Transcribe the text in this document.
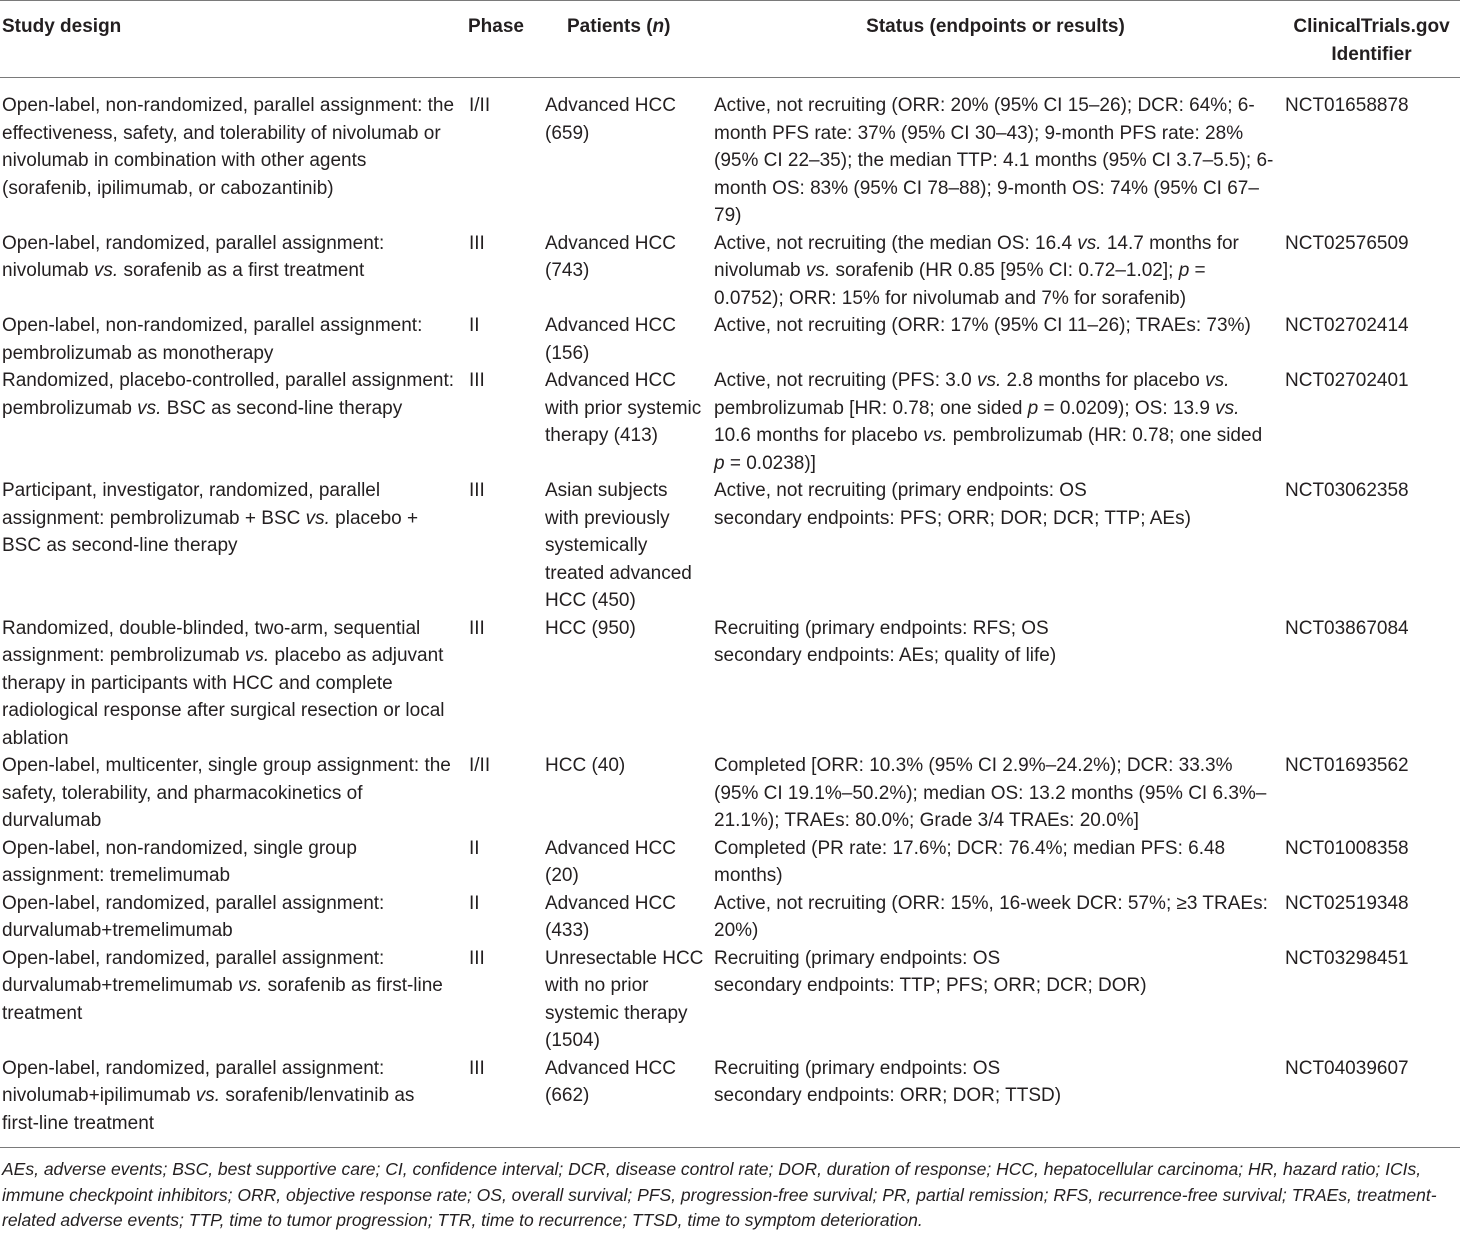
Study design	Phase	Patients (n)	Status (endpoints or results)	ClinicalTrials.gov
Identifier
Open-label, non-randomized, parallel assignment: the effectiveness, safety, and tolerability of nivolumab or nivolumab in combination with other agents (sorafenib, ipilimumab, or cabozantinib)	I/II	Advanced HCC (659)	Active, not recruiting (ORR: 20% (95% CI 15–26); DCR: 64%; 6-month PFS rate: 37% (95% CI 30–43); 9-month PFS rate: 28% (95% CI 22–35); the median TTP: 4.1 months (95% CI 3.7–5.5); 6-month OS: 83% (95% CI 78–88); 9-month OS: 74% (95% CI 67–79)	NCT01658878
Open-label, randomized, parallel assignment: nivolumab vs. sorafenib as a first treatment	III	Advanced HCC (743)	Active, not recruiting (the median OS: 16.4 vs. 14.7 months for nivolumab vs. sorafenib (HR 0.85 [95% CI: 0.72–1.02]; p = 0.0752); ORR: 15% for nivolumab and 7% for sorafenib)	NCT02576509
Open-label, non-randomized, parallel assignment: pembrolizumab as monotherapy	II	Advanced HCC (156)	Active, not recruiting (ORR: 17% (95% CI 11–26); TRAEs: 73%)	NCT02702414
Randomized, placebo-controlled, parallel assignment: pembrolizumab vs. BSC as second-line therapy	III	Advanced HCC with prior systemic therapy (413)	Active, not recruiting (PFS: 3.0 vs. 2.8 months for placebo vs. pembrolizumab [HR: 0.78; one sided p = 0.0209); OS: 13.9 vs. 10.6 months for placebo vs. pembrolizumab (HR: 0.78; one sided p = 0.0238)]	NCT02702401
Participant, investigator, randomized, parallel assignment: pembrolizumab + BSC vs. placebo + BSC as second-line therapy	III	Asian subjects with previously systemically treated advanced HCC (450)	Active, not recruiting (primary endpoints: OS
secondary endpoints: PFS; ORR; DOR; DCR; TTP; AEs)	NCT03062358
Randomized, double-blinded, two-arm, sequential assignment: pembrolizumab vs. placebo as adjuvant therapy in participants with HCC and complete radiological response after surgical resection or local ablation	III	HCC (950)	Recruiting (primary endpoints: RFS; OS
secondary endpoints: AEs; quality of life)	NCT03867084
Open-label, multicenter, single group assignment: the safety, tolerability, and pharmacokinetics of durvalumab	I/II	HCC (40)	Completed [ORR: 10.3% (95% CI 2.9%–24.2%); DCR: 33.3% (95% CI 19.1%–50.2%); median OS: 13.2 months (95% CI 6.3%–21.1%); TRAEs: 80.0%; Grade 3/4 TRAEs: 20.0%]	NCT01693562
Open-label, non-randomized, single group assignment: tremelimumab	II	Advanced HCC (20)	Completed (PR rate: 17.6%; DCR: 76.4%; median PFS: 6.48 months)	NCT01008358
Open-label, randomized, parallel assignment: durvalumab+tremelimumab	II	Advanced HCC (433)	Active, not recruiting (ORR: 15%, 16-week DCR: 57%; ≥3 TRAEs: 20%)	NCT02519348
Open-label, randomized, parallel assignment: durvalumab+tremelimumab vs. sorafenib as first-line treatment	III	Unresectable HCC with no prior systemic therapy (1504)	Recruiting (primary endpoints: OS
secondary endpoints: TTP; PFS; ORR; DCR; DOR)	NCT03298451
Open-label, randomized, parallel assignment: nivolumab+ipilimumab vs. sorafenib/lenvatinib as first-line treatment	III	Advanced HCC (662)	Recruiting (primary endpoints: OS
secondary endpoints: ORR; DOR; TTSD)	NCT04039607
AEs, adverse events; BSC, best supportive care; CI, confidence interval; DCR, disease control rate; DOR, duration of response; HCC, hepatocellular carcinoma; HR, hazard ratio; ICIs, immune checkpoint inhibitors; ORR, objective response rate; OS, overall survival; PFS, progression-free survival; PR, partial remission; RFS, recurrence-free survival; TRAEs, treatment-related adverse events; TTP, time to tumor progression; TTR, time to recurrence; TTSD, time to symptom deterioration.
